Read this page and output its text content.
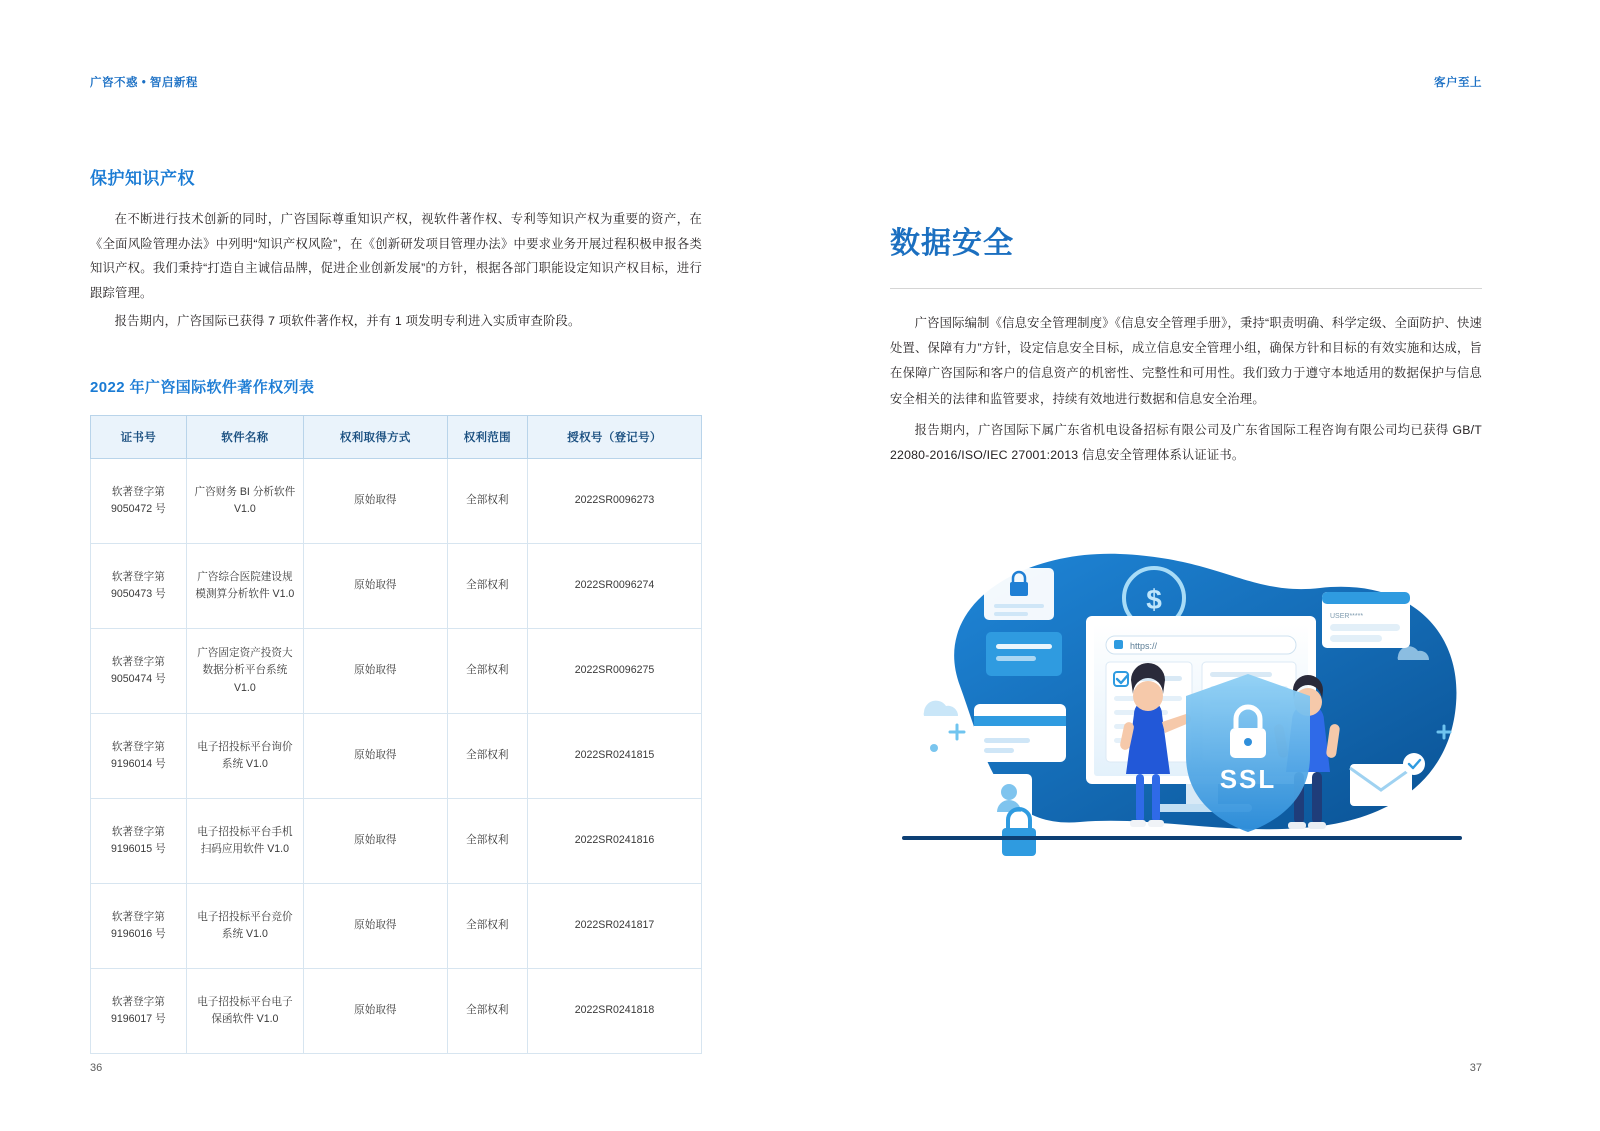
广咨不惑 • 智启新程
保护知识产权

在不断进行技术创新的同时，广咨国际尊重知识产权，视软件著作权、专利等知识产权为重要的资产，在《全面风险管理办法》中列明“知识产权风险”，在《创新研发项目管理办法》中要求业务开展过程积极申报各类知识产权。我们秉持“打造自主诚信品牌，促进企业创新发展”的方针，根据各部门职能设定知识产权目标，进行跟踪管理。

报告期内，广咨国际已获得 7 项软件著作权，并有 1 项发明专利进入实质审查阶段。

2022 年广咨国际软件著作权列表
证书号	软件名称	权利取得方式	权利范围	授权号（登记号）
软著登字第 9050472 号	广咨财务 BI 分析软件 V1.0	原始取得	全部权利	2022SR0096273
软著登字第 9050473 号	广咨综合医院建设规模测算分析软件 V1.0	原始取得	全部权利	2022SR0096274
软著登字第 9050474 号	广咨固定资产投资大数据分析平台系统 V1.0	原始取得	全部权利	2022SR0096275
软著登字第 9196014 号	电子招投标平台询价系统 V1.0	原始取得	全部权利	2022SR0241815
软著登字第 9196015 号	电子招投标平台手机扫码应用软件 V1.0	原始取得	全部权利	2022SR0241816
软著登字第 9196016 号	电子招投标平台竞价系统 V1.0	原始取得	全部权利	2022SR0241817
软著登字第 9196017 号	电子招投标平台电子保函软件 V1.0	原始取得	全部权利	2022SR0241818
36
客户至上
数据安全

广咨国际编制《信息安全管理制度》《信息安全管理手册》，秉持“职责明确、科学定级、全面防护、快速处置、保障有力”方针，设定信息安全目标，成立信息安全管理小组，确保方针和目标的有效实施和达成，旨在保障广咨国际和客户的信息资产的机密性、完整性和可用性。我们致力于遵守本地适用的数据保护与信息安全相关的法律和监管要求，持续有效地进行数据和信息安全治理。

报告期内，广咨国际下属广东省机电设备招标有限公司及广东省国际工程咨询有限公司均已获得 GB/T 22080-2016/ISO/IEC 27001:2013 信息安全管理体系认证证书。

$
https://
USER*****
SSL
37
